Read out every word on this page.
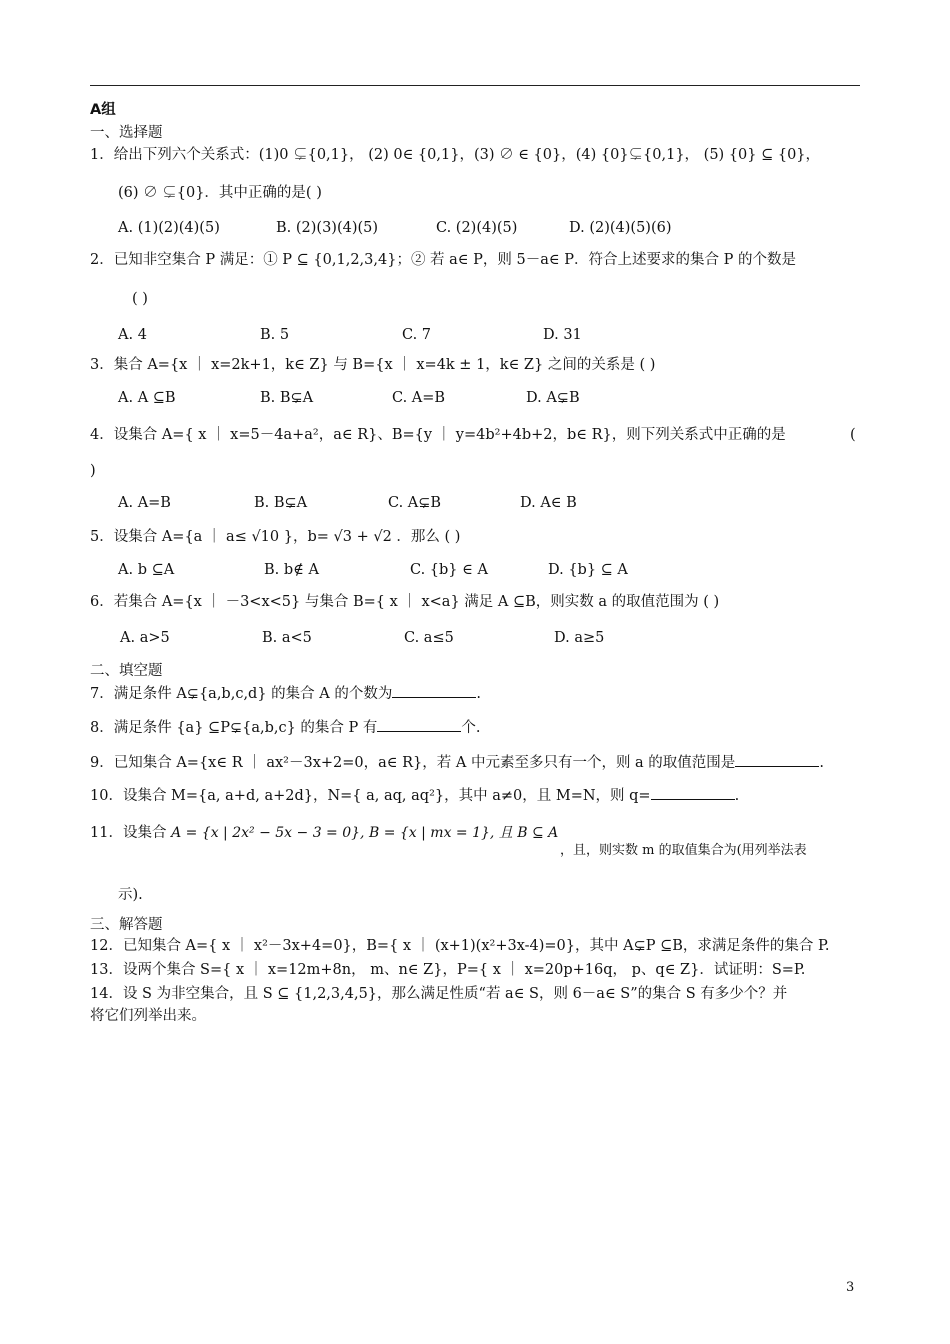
A组
一、选择题
1．给出下列六个关系式：(1)0 ⊊{0,1}， (2) 0∈ {0,1}，(3) ∅ ∈ {0}，(4) {0}⊊{0,1}， (5) {0} ⊆ {0}，
(6) ∅ ⊊{0}．其中正确的是( )
A. (1)(2)(4)(5)	B. (2)(3)(4)(5)	C. (2)(4)(5)	D. (2)(4)(5)(6)
2．已知非空集合 P 满足：① P ⊆ {0,1,2,3,4}；② 若 a∈ P，则 5－a∈ P．符合上述要求的集合 P 的个数是
( )
A. 4	B. 5	C. 7	D. 31
3．集合 A={x ｜ x=2k+1，k∈ Z} 与 B={x ｜ x=4k ± 1，k∈ Z} 之间的关系是 ( )
A. A ⊆B	B. B⊊A	C. A=B	D. A⊊B
4．设集合 A={ x ｜ x=5－4a+a²，a∈ R}、B={y ｜ y=4b²+4b+2，b∈ R}，则下列关系式中正确的是	(
)
A. A=B	B. B⊊A	C. A⊊B	D. A∈ B
5．设集合 A={a ｜ a≤ √10 }，b= √3 + √2 ．那么 ( )
A. b ⊆A	B. b∉ A	C. {b} ∈ A	D. {b} ⊆ A
6．若集合 A={x ｜ －3<x<5} 与集合 B={ x ｜ x<a} 满足 A ⊆B，则实数 a 的取值范围为 ( )
A. a>5	B. a<5	C. a≤5	D. a≥5
二、填空题
7．满足条件 A⊊{a,b,c,d} 的集合 A 的个数为	.
8．满足条件 {a} ⊆P⊊{a,b,c} 的集合 P 有	个.
9．已知集合 A={x∈ R ｜ ax²－3x+2=0，a∈ R}，若 A 中元素至多只有一个，则 a 的取值范围是	.
10．设集合 M={a, a+d, a+2d}，N={ a, aq, aq²}，其中 a≠0，且 M=N，则 q=	.
11．设集合 A = {x | 2x² − 5x − 3 = 0}, B = {x | mx = 1}, 且 B ⊆ A
，且，则实数 m 的取值集合为(用列举法表
示).
三、解答题
12．已知集合 A={ x ｜ x²－3x+4=0}，B={ x ｜ (x+1)(x²+3x-4)=0}，其中 A⊊P ⊆B，求满足条件的集合 P.
13．设两个集合 S={ x ｜ x=12m+8n， m、n∈ Z}，P={ x ｜ x=20p+16q， p、q∈ Z}．试证明：S=P.
14．设 S 为非空集合，且 S ⊆ {1,2,3,4,5}，那么满足性质“若 a∈ S，则 6－a∈ S”的集合 S 有多少个？并
将它们列举出来。
3
